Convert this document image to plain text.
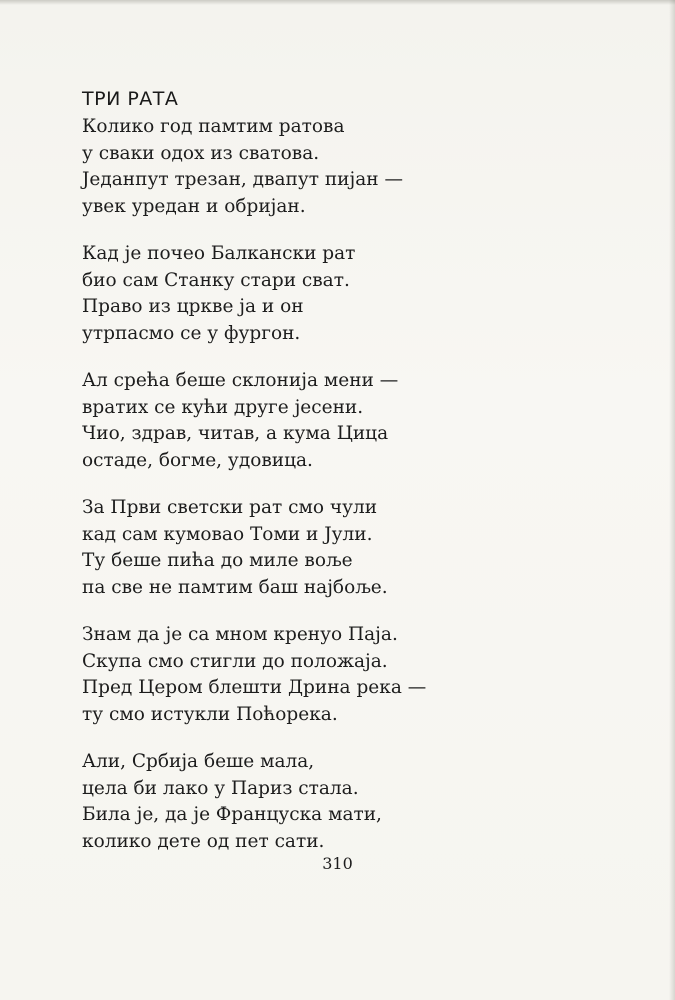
ТРИ РАТА
Колико год памтим ратова
у сваки одох из сватова.
Једанпут трезан, двапут пијан —
увек уредан и обријан.
Кад је почео Балкански рат
био сам Станку стари сват.
Право из цркве ја и он
утрпасмо се у фургон.
Ал срећа беше склонија мени —
вратих се кући друге јесени.
Чио, здрав, читав, а кума Цица
остаде, богме, удовица.
За Први светски рат смо чули
кад сам кумовао Томи и Јули.
Ту беше пића до миле воље
па све не памтим баш најбоље.
Знам да је са мном кренуо Паја.
Скупа смо стигли до положаја.
Пред Цером блешти Дрина река —
ту смо истукли Поћорека.
Али, Србија беше мала,
цела би лако у Париз стала.
Била је, да је Француска мати,
колико дете од пет сати.
310
